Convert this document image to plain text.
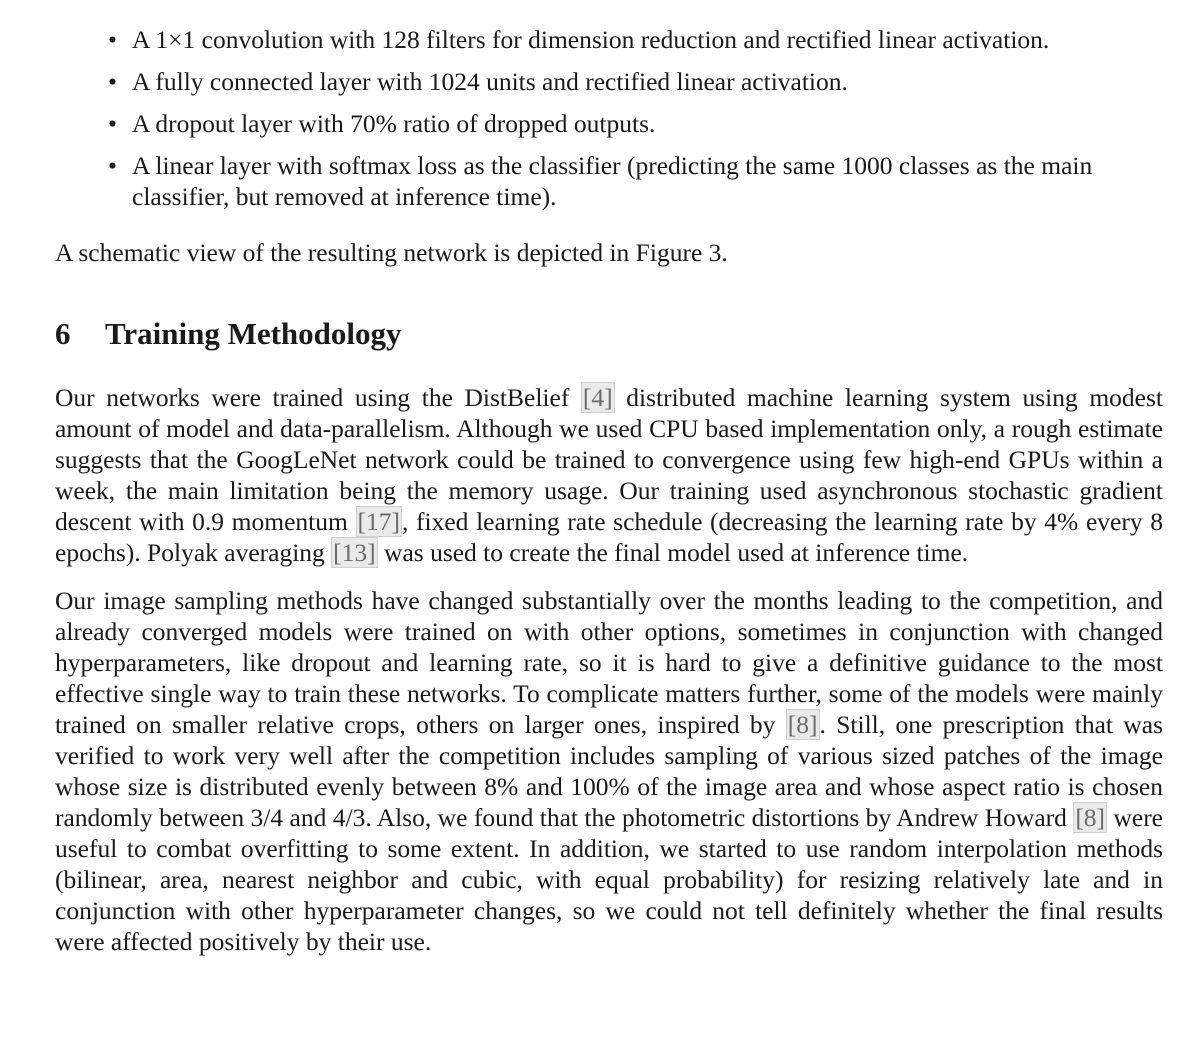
• A 1×1 convolution with 128 filters for dimension reduction and rectified linear activation.
• A fully connected layer with 1024 units and rectified linear activation.
• A dropout layer with 70% ratio of dropped outputs.
• A linear layer with softmax loss as the classifier (predicting the same 1000 classes as the main classifier, but removed at inference time).

A schematic view of the resulting network is depicted in Figure 3.

6 Training Methodology

Our networks were trained using the DistBelief [4] distributed machine learning system using modest amount of model and data-parallelism. Although we used CPU based implementation only, a rough estimate suggests that the GoogLeNet network could be trained to convergence using few high-end GPUs within a week, the main limitation being the memory usage. Our training used asynchronous stochastic gradient descent with 0.9 momentum [17], fixed learning rate schedule (decreasing the learning rate by 4% every 8 epochs). Polyak averaging [13] was used to create the final model used at inference time.

Our image sampling methods have changed substantially over the months leading to the competition, and already converged models were trained on with other options, sometimes in conjunction with changed hyperparameters, like dropout and learning rate, so it is hard to give a definitive guidance to the most effective single way to train these networks. To complicate matters further, some of the models were mainly trained on smaller relative crops, others on larger ones, inspired by [8]. Still, one prescription that was verified to work very well after the competition includes sampling of various sized patches of the image whose size is distributed evenly between 8% and 100% of the image area and whose aspect ratio is chosen randomly between 3/4 and 4/3. Also, we found that the photometric distortions by Andrew Howard [8] were useful to combat overfitting to some extent. In addition, we started to use random interpolation methods (bilinear, area, nearest neighbor and cubic, with equal probability) for resizing relatively late and in conjunction with other hyperparameter changes, so we could not tell definitely whether the final results were affected positively by their use.
